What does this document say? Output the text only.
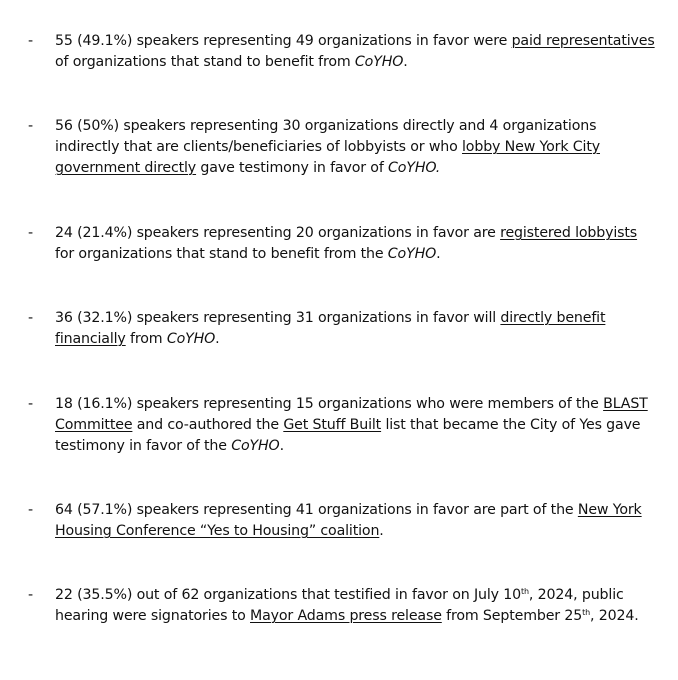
- 55 (49.1%) speakers representing 49 organizations in favor were paid representatives of organizations that stand to benefit from CoYHO.
- 56 (50%) speakers representing 30 organizations directly and 4 organizations indirectly that are clients/beneficiaries of lobbyists or who lobby New York City government directly gave testimony in favor of CoYHO.
- 24 (21.4%) speakers representing 20 organizations in favor are registered lobbyists for organizations that stand to benefit from the CoYHO.
- 36 (32.1%) speakers representing 31 organizations in favor will directly benefit financially from CoYHO.
- 18 (16.1%) speakers representing 15 organizations who were members of the BLAST Committee and co-authored the Get Stuff Built list that became the City of Yes gave testimony in favor of the CoYHO.
- 64 (57.1%) speakers representing 41 organizations in favor are part of the New York Housing Conference “Yes to Housing” coalition.
- 22 (35.5%) out of 62 organizations that testified in favor on July 10th, 2024, public hearing were signatories to Mayor Adams press release from September 25th, 2024.
